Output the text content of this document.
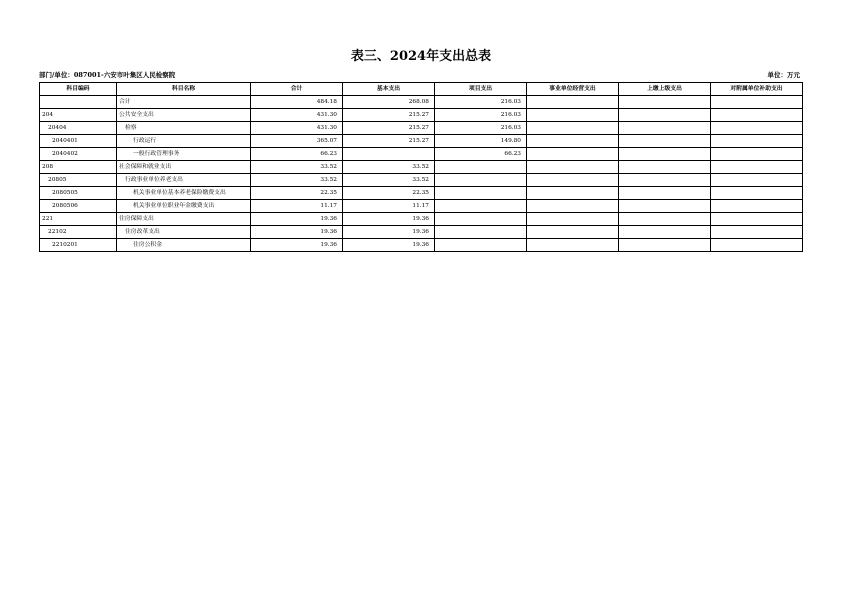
表三、2024年支出总表
部门/单位：087001-六安市叶集区人民检察院	单位：万元
科目编码	科目名称	合计	基本支出	项目支出	事业单位经营支出	上缴上级支出	对附属单位补助支出
	合计	484.18	268.08	216.03			
204	公共安全支出	431.30	215.27	216.03			
20404	检察	431.30	215.27	216.03			
2040401	行政运行	365.07	215.27	149.80			
2040402	一般行政管理事务	66.23		66.23			
208	社会保障和就业支出	33.52	33.52				
20805	行政事业单位养老支出	33.52	33.52				
2080505	机关事业单位基本养老保险缴费支出	22.35	22.35				
2080506	机关事业单位职业年金缴费支出	11.17	11.17				
221	住房保障支出	19.36	19.36				
22102	住房改革支出	19.36	19.36				
2210201	住房公积金	19.36	19.36				
